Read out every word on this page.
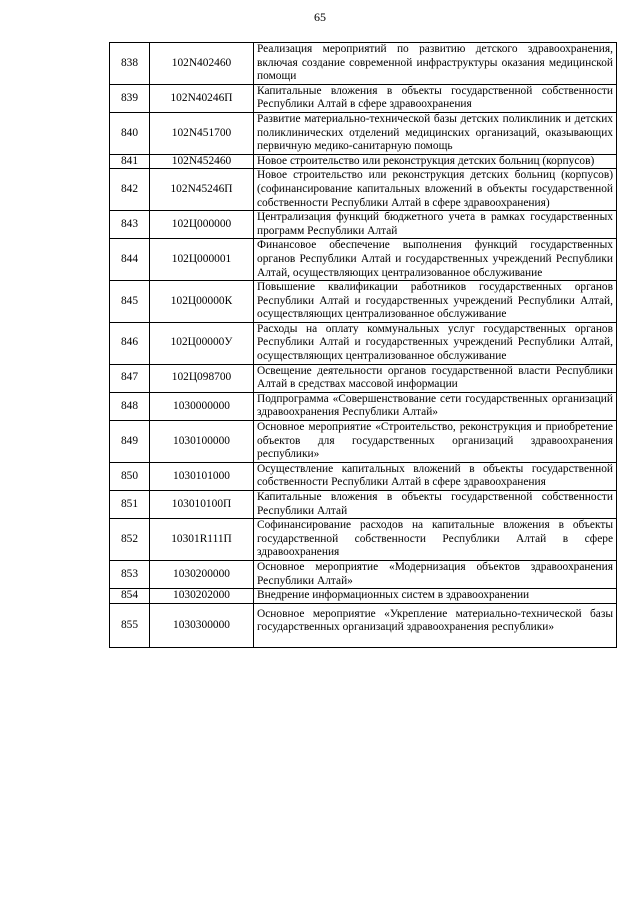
65
838	102N402460	Реализация мероприятий по развитию детского здравоохранения, включая создание современной инфраструктуры оказания медицинской помощи
839	102N40246П	Капитальные вложения в объекты государственной собственности Республики Алтай в сфере здравоохранения
840	102N451700	Развитие материально-технической базы детских поликлиник и детских поликлинических отделений медицинских организаций, оказывающих первичную медико-санитарную помощь
841	102N452460	Новое строительство или реконструкция детских больниц (корпусов)
842	102N45246П	Новое строительство или реконструкция детских больниц (корпусов) (софинансирование капитальных вложений в объекты государственной собственности Республики Алтай в сфере здравоохранения)
843	102Ц000000	Централизация функций бюджетного учета в рамках государственных программ Республики Алтай
844	102Ц000001	Финансовое обеспечение выполнения функций государственных органов Республики Алтай и государственных учреждений Республики Алтай, осуществляющих централизованное обслуживание
845	102Ц00000К	Повышение квалификации работников государственных органов Республики Алтай и государственных учреждений Республики Алтай, осуществляющих централизованное обслуживание
846	102Ц00000У	Расходы на оплату коммунальных услуг государственных органов Республики Алтай и государственных учреждений Республики Алтай, осуществляющих централизованное обслуживание
847	102Ц098700	Освещение деятельности органов государственной власти Республики Алтай в средствах массовой информации
848	1030000000	Подпрограмма «Совершенствование сети государственных организаций здравоохранения Республики Алтай»
849	1030100000	Основное мероприятие «Строительство, реконструкция и приобретение объектов для государственных организаций здравоохранения республики»
850	1030101000	Осуществление капитальных вложений в объекты государственной собственности Республики Алтай в сфере здравоохранения
851	103010100П	Капитальные вложения в объекты государственной собственности Республики Алтай
852	10301R111П	Софинансирование расходов на капитальные вложения в объекты государственной собственности Республики Алтай в сфере здравоохранения
853	1030200000	Основное мероприятие «Модернизация объектов здравоохранения Республики Алтай»
854	1030202000	Внедрение информационных систем в здравоохранении
855	1030300000	Основное мероприятие «Укрепление материально-технической базы государственных организаций здравоохранения республики»
